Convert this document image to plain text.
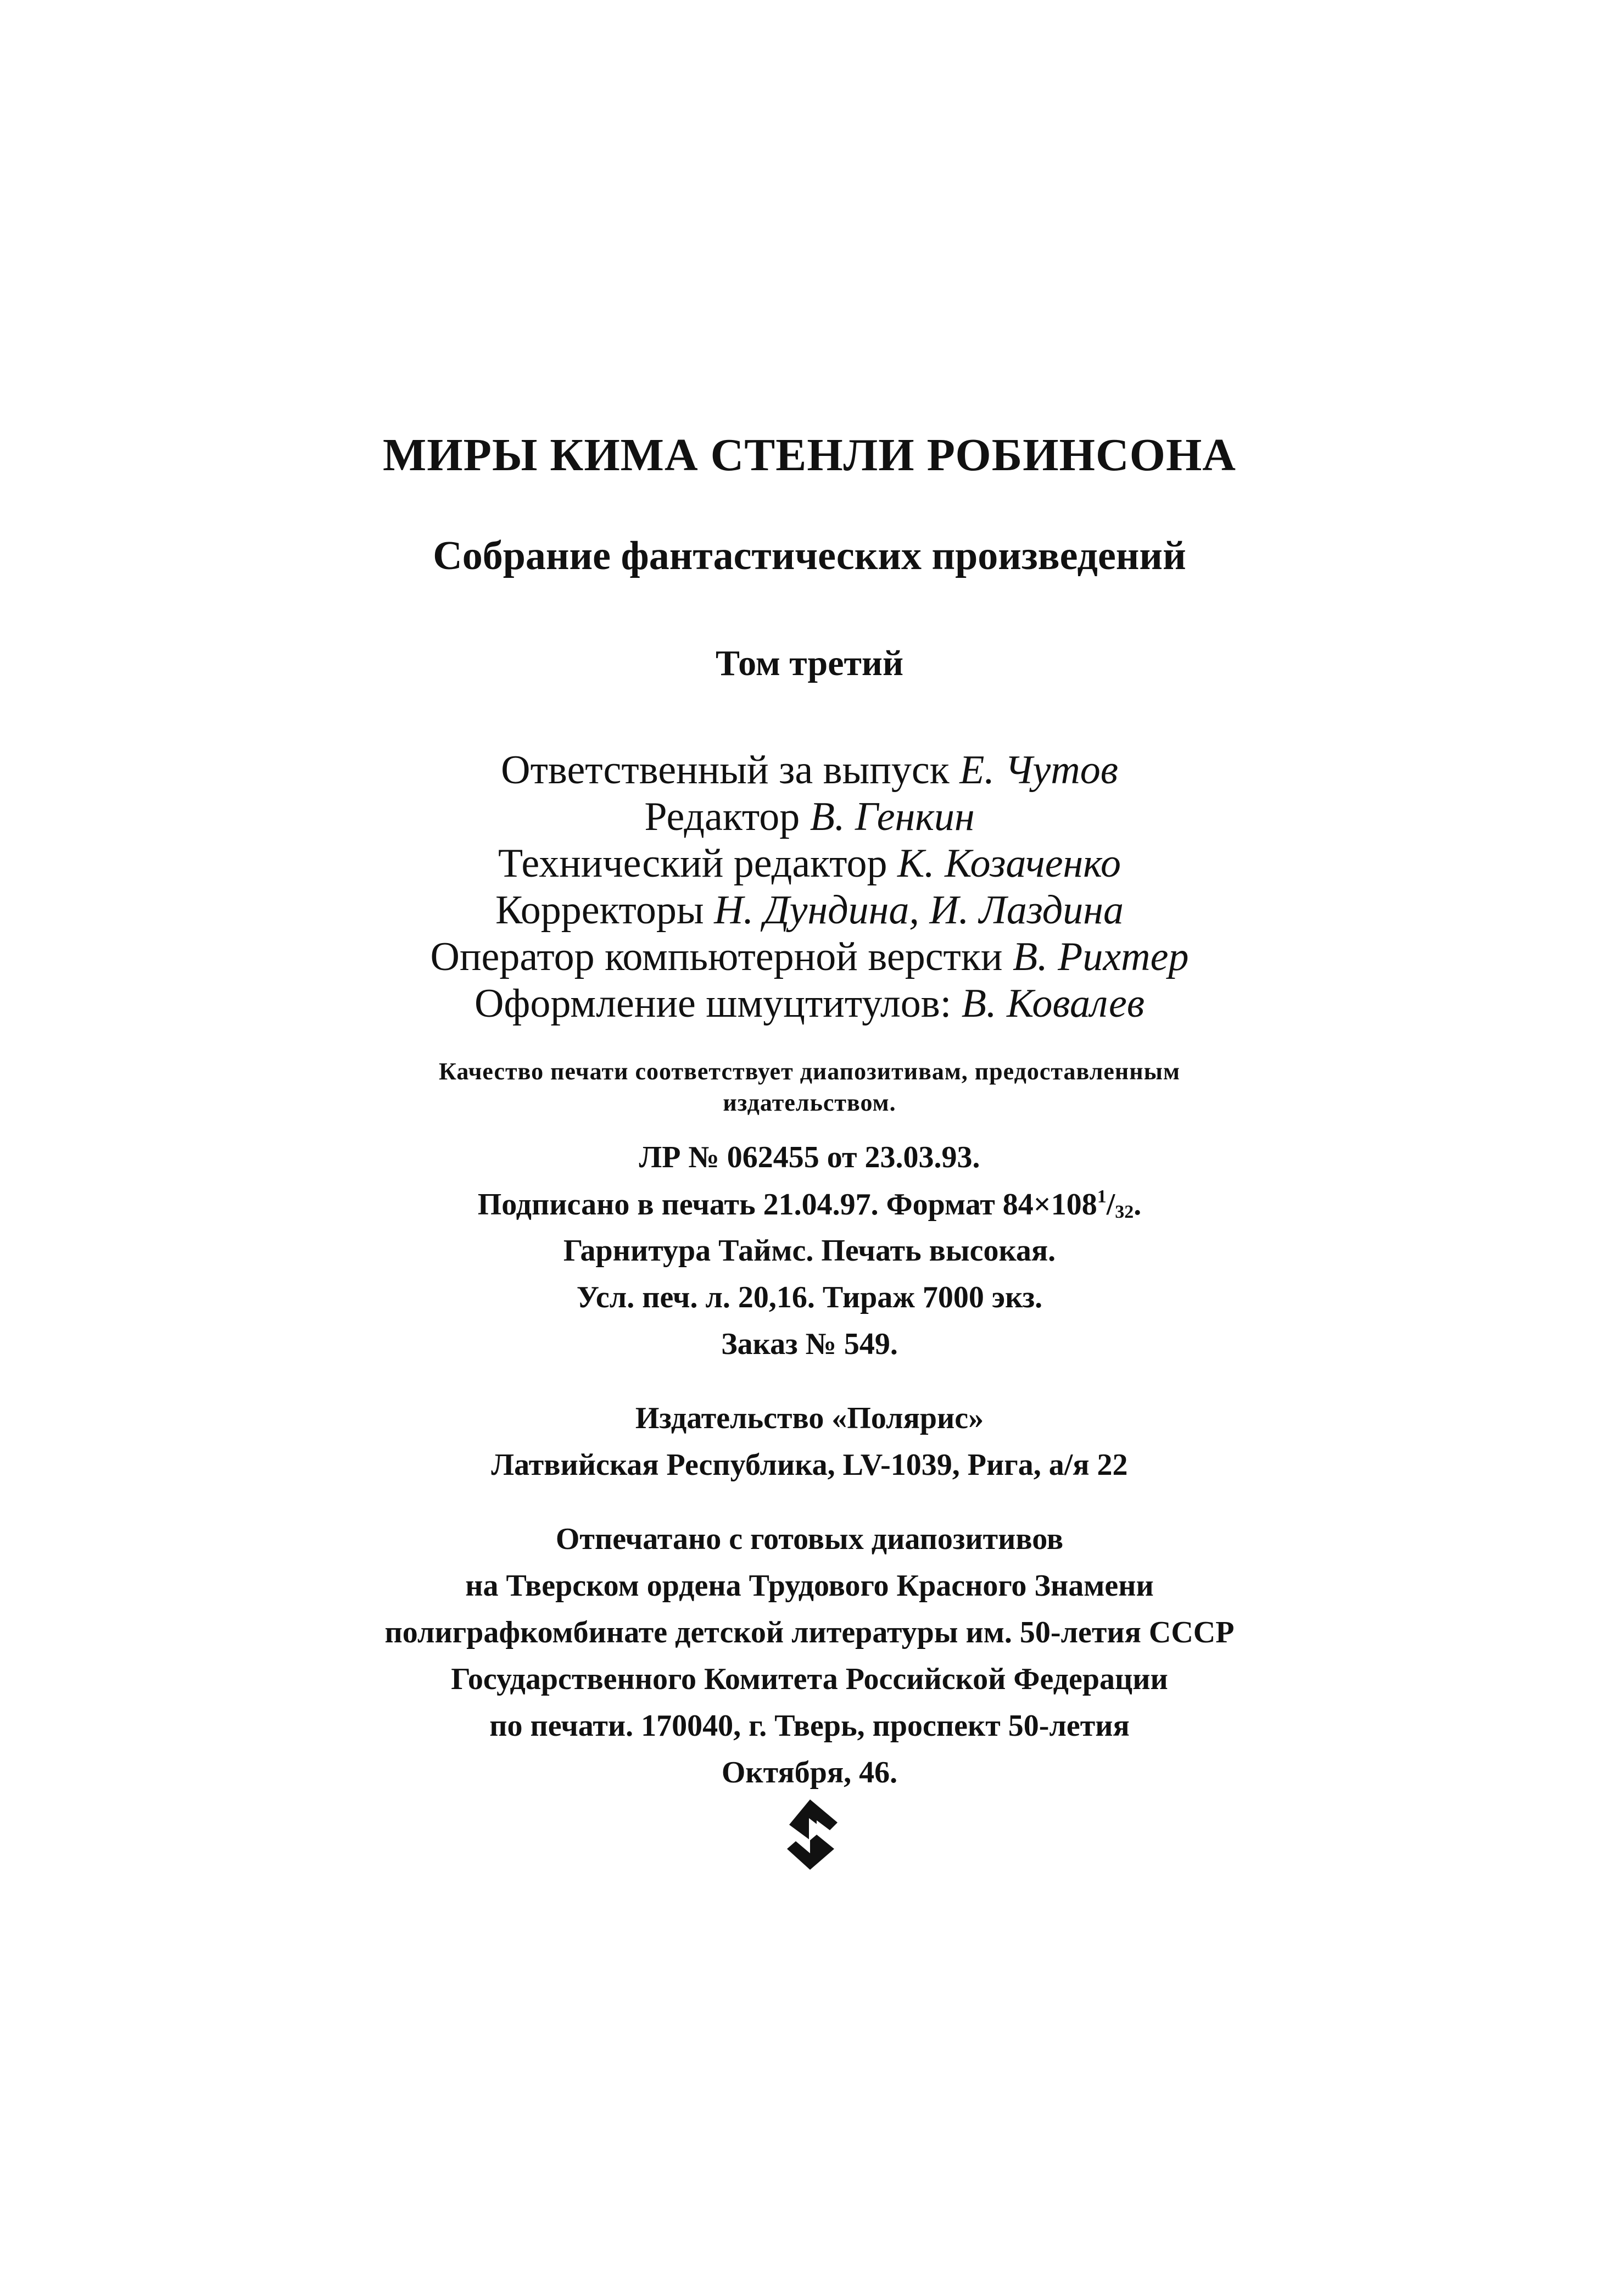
МИРЫ КИМА СТЕНЛИ РОБИНСОНА
Собрание фантастических произведений
Том третий
Ответственный за выпуск Е. Чутов
Редактор В. Генкин
Технический редактор К. Козаченко
Корректоры Н. Дундина, И. Лаздина
Оператор компьютерной верстки В. Рихтер
Оформление шмуцтитулов: В. Ковалев
Качество печати соответствует диапозитивам, предоставленным
издательством.
ЛР № 062455 от 23.03.93.
Подписано в печать 21.04.97. Формат $84\times 108^1/32$.
Гарнитура Таймс. Печать высокая.
Усл. печ. л. 20,16. Тираж 7000 экз.
Заказ № 549.
Издательство «Полярис»
Латвийская Республика, LV-1039, Рига, а/я 22
Отпечатано с готовых диапозитивов
на Тверском ордена Трудового Красного Знамени
полиграфкомбинате детской литературы им. 50-летия СССР
Государственного Комитета Российской Федерации
по печати. 170040, г. Тверь, проспект 50-летия
Октября, 46.
